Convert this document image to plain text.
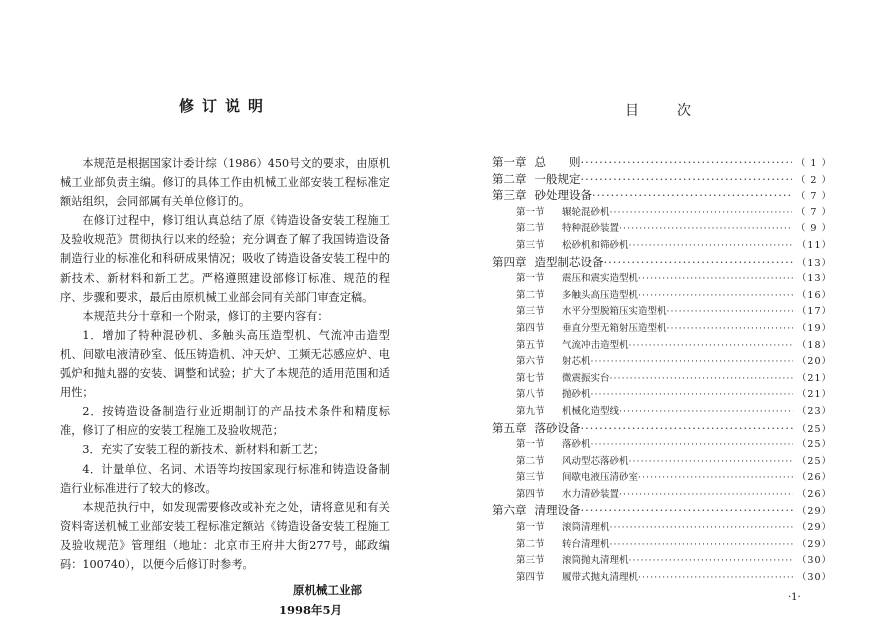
修订说明

本规范是根据国家计委计综（1986）450号文的要求，由原机械工业部负责主编。修订的具体工作由机械工业部安装工程标准定额站组织，会同部属有关单位修订的。

在修订过程中，修订组认真总结了原《铸造设备安装工程施工及验收规范》贯彻执行以来的经验；充分调查了解了我国铸造设备制造行业的标准化和科研成果情况；吸收了铸造设备安装工程中的新技术、新材料和新工艺。严格遵照建设部修订标准、规范的程序、步骤和要求，最后由原机械工业部会同有关部门审查定稿。

本规范共分十章和一个附录，修订的主要内容有：

1．增加了特种混砂机、多触头高压造型机、气流冲击造型机、间歇电液清砂室、低压铸造机、冲天炉、工频无芯感应炉、电弧炉和抛丸器的安装、调整和试验；扩大了本规范的适用范围和适用性；

2．按铸造设备制造行业近期制订的产品技术条件和精度标准，修订了相应的安装工程施工及验收规范；

3．充实了安装工程的新技术、新材料和新工艺；

4．计量单位、名词、术语等均按国家现行标准和铸造设备制造行业标准进行了较大的修改。

本规范执行中，如发现需要修改或补充之处，请将意见和有关资料寄送机械工业部安装工程标准定额站《铸造设备安装工程施工及验收规范》管理组（地址：北京市王府井大街277号，邮政编码：100740），以便今后修订时参考。

原机械工业部
1998年5月
目次
第一章 总　　则 ·····	（ 1 ）
第二章 一般规定 ·····	（ 2 ）
第三章 砂处理设备 ·····	（ 7 ）
第一节	辗轮混砂机 ·····	（ 7 ）
第二节	特种混砂装置 ·····	（ 9 ）
第三节	松砂机和筛砂机 ·····	（11）
第四章 造型制芯设备 ·····	（13）
第一节	震压和震实造型机 ·····	（13）
第二节	多触头高压造型机 ·····	（16）
第三节	水平分型脱箱压实造型机 ·····	（17）
第四节	垂直分型无箱射压造型机 ·····	（19）
第五节	气流冲击造型机 ·····	（18）
第六节	射芯机 ·····	（20）
第七节	微震振实台 ·····	（21）
第八节	抛砂机 ·····	（21）
第九节	机械化造型线 ·····	（23）
第五章 落砂设备 ·····	（25）
第一节	落砂机 ·····	（25）
第二节	风动型芯落砂机 ·····	（25）
第三节	间歇电液压清砂室 ·····	（26）
第四节	水力清砂装置 ·····	（26）
第六章 清理设备 ·····	（29）
第一节	滚筒清理机 ·····	（29）
第二节	转台清理机 ·····	（29）
第三节	滚筒抛丸清理机 ·····	（30）
第四节	履带式抛丸清理机 ·····	（30）
·1·
